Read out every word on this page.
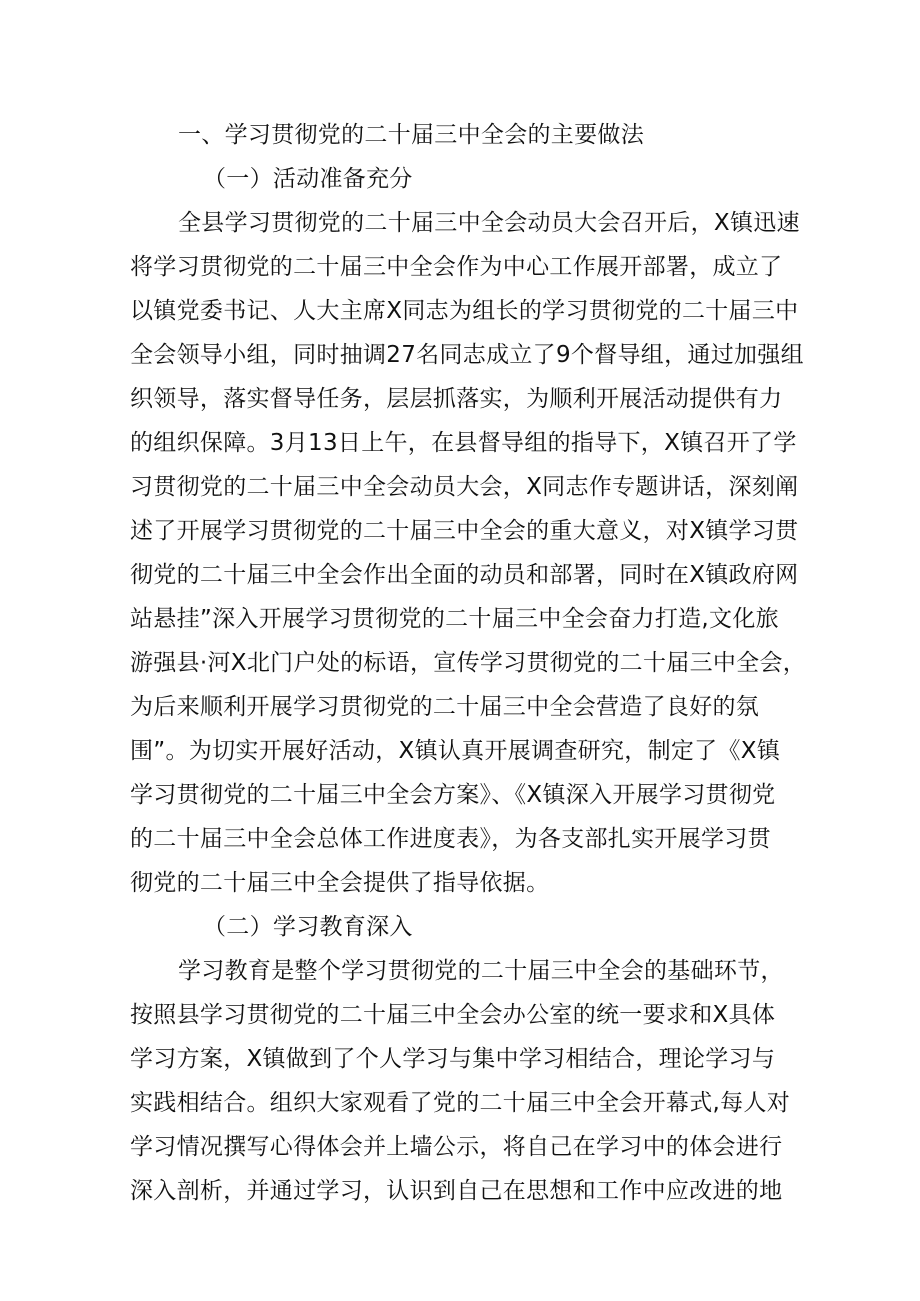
一、学习贯彻党的二十届三中全会的主要做法
（一）活动准备充分
全县学习贯彻党的二十届三中全会动员大会召开后，X镇迅速
将学习贯彻党的二十届三中全会作为中心工作展开部署，成立了
以镇党委书记、人大主席X同志为组长的学习贯彻党的二十届三中
全会领导小组，同时抽调27名同志成立了9个督导组，通过加强组
织领导，落实督导任务，层层抓落实，为顺利开展活动提供有力
的组织保障。3月13日上午，在县督导组的指导下，X镇召开了学
习贯彻党的二十届三中全会动员大会，X同志作专题讲话，深刻阐
述了开展学习贯彻党的二十届三中全会的重大意义，对X镇学习贯
彻党的二十届三中全会作出全面的动员和部署，同时在X镇政府网
站悬挂”深入开展学习贯彻党的二十届三中全会奋力打造,文化旅
游强县·河X北门户处的标语，宣传学习贯彻党的二十届三中全会，
为后来顺利开展学习贯彻党的二十届三中全会营造了良好的氛
围”。为切实开展好活动，X镇认真开展调查研究，制定了《X镇
学习贯彻党的二十届三中全会方案》、《X镇深入开展学习贯彻党
的二十届三中全会总体工作进度表》，为各支部扎实开展学习贯
彻党的二十届三中全会提供了指导依据。
（二）学习教育深入
学习教育是整个学习贯彻党的二十届三中全会的基础环节，
按照县学习贯彻党的二十届三中全会办公室的统一要求和X具体
学习方案，X镇做到了个人学习与集中学习相结合，理论学习与
实践相结合。组织大家观看了党的二十届三中全会开幕式,每人对
学习情况撰写心得体会并上墙公示，将自己在学习中的体会进行
深入剖析，并通过学习，认识到自己在思想和工作中应改进的地
